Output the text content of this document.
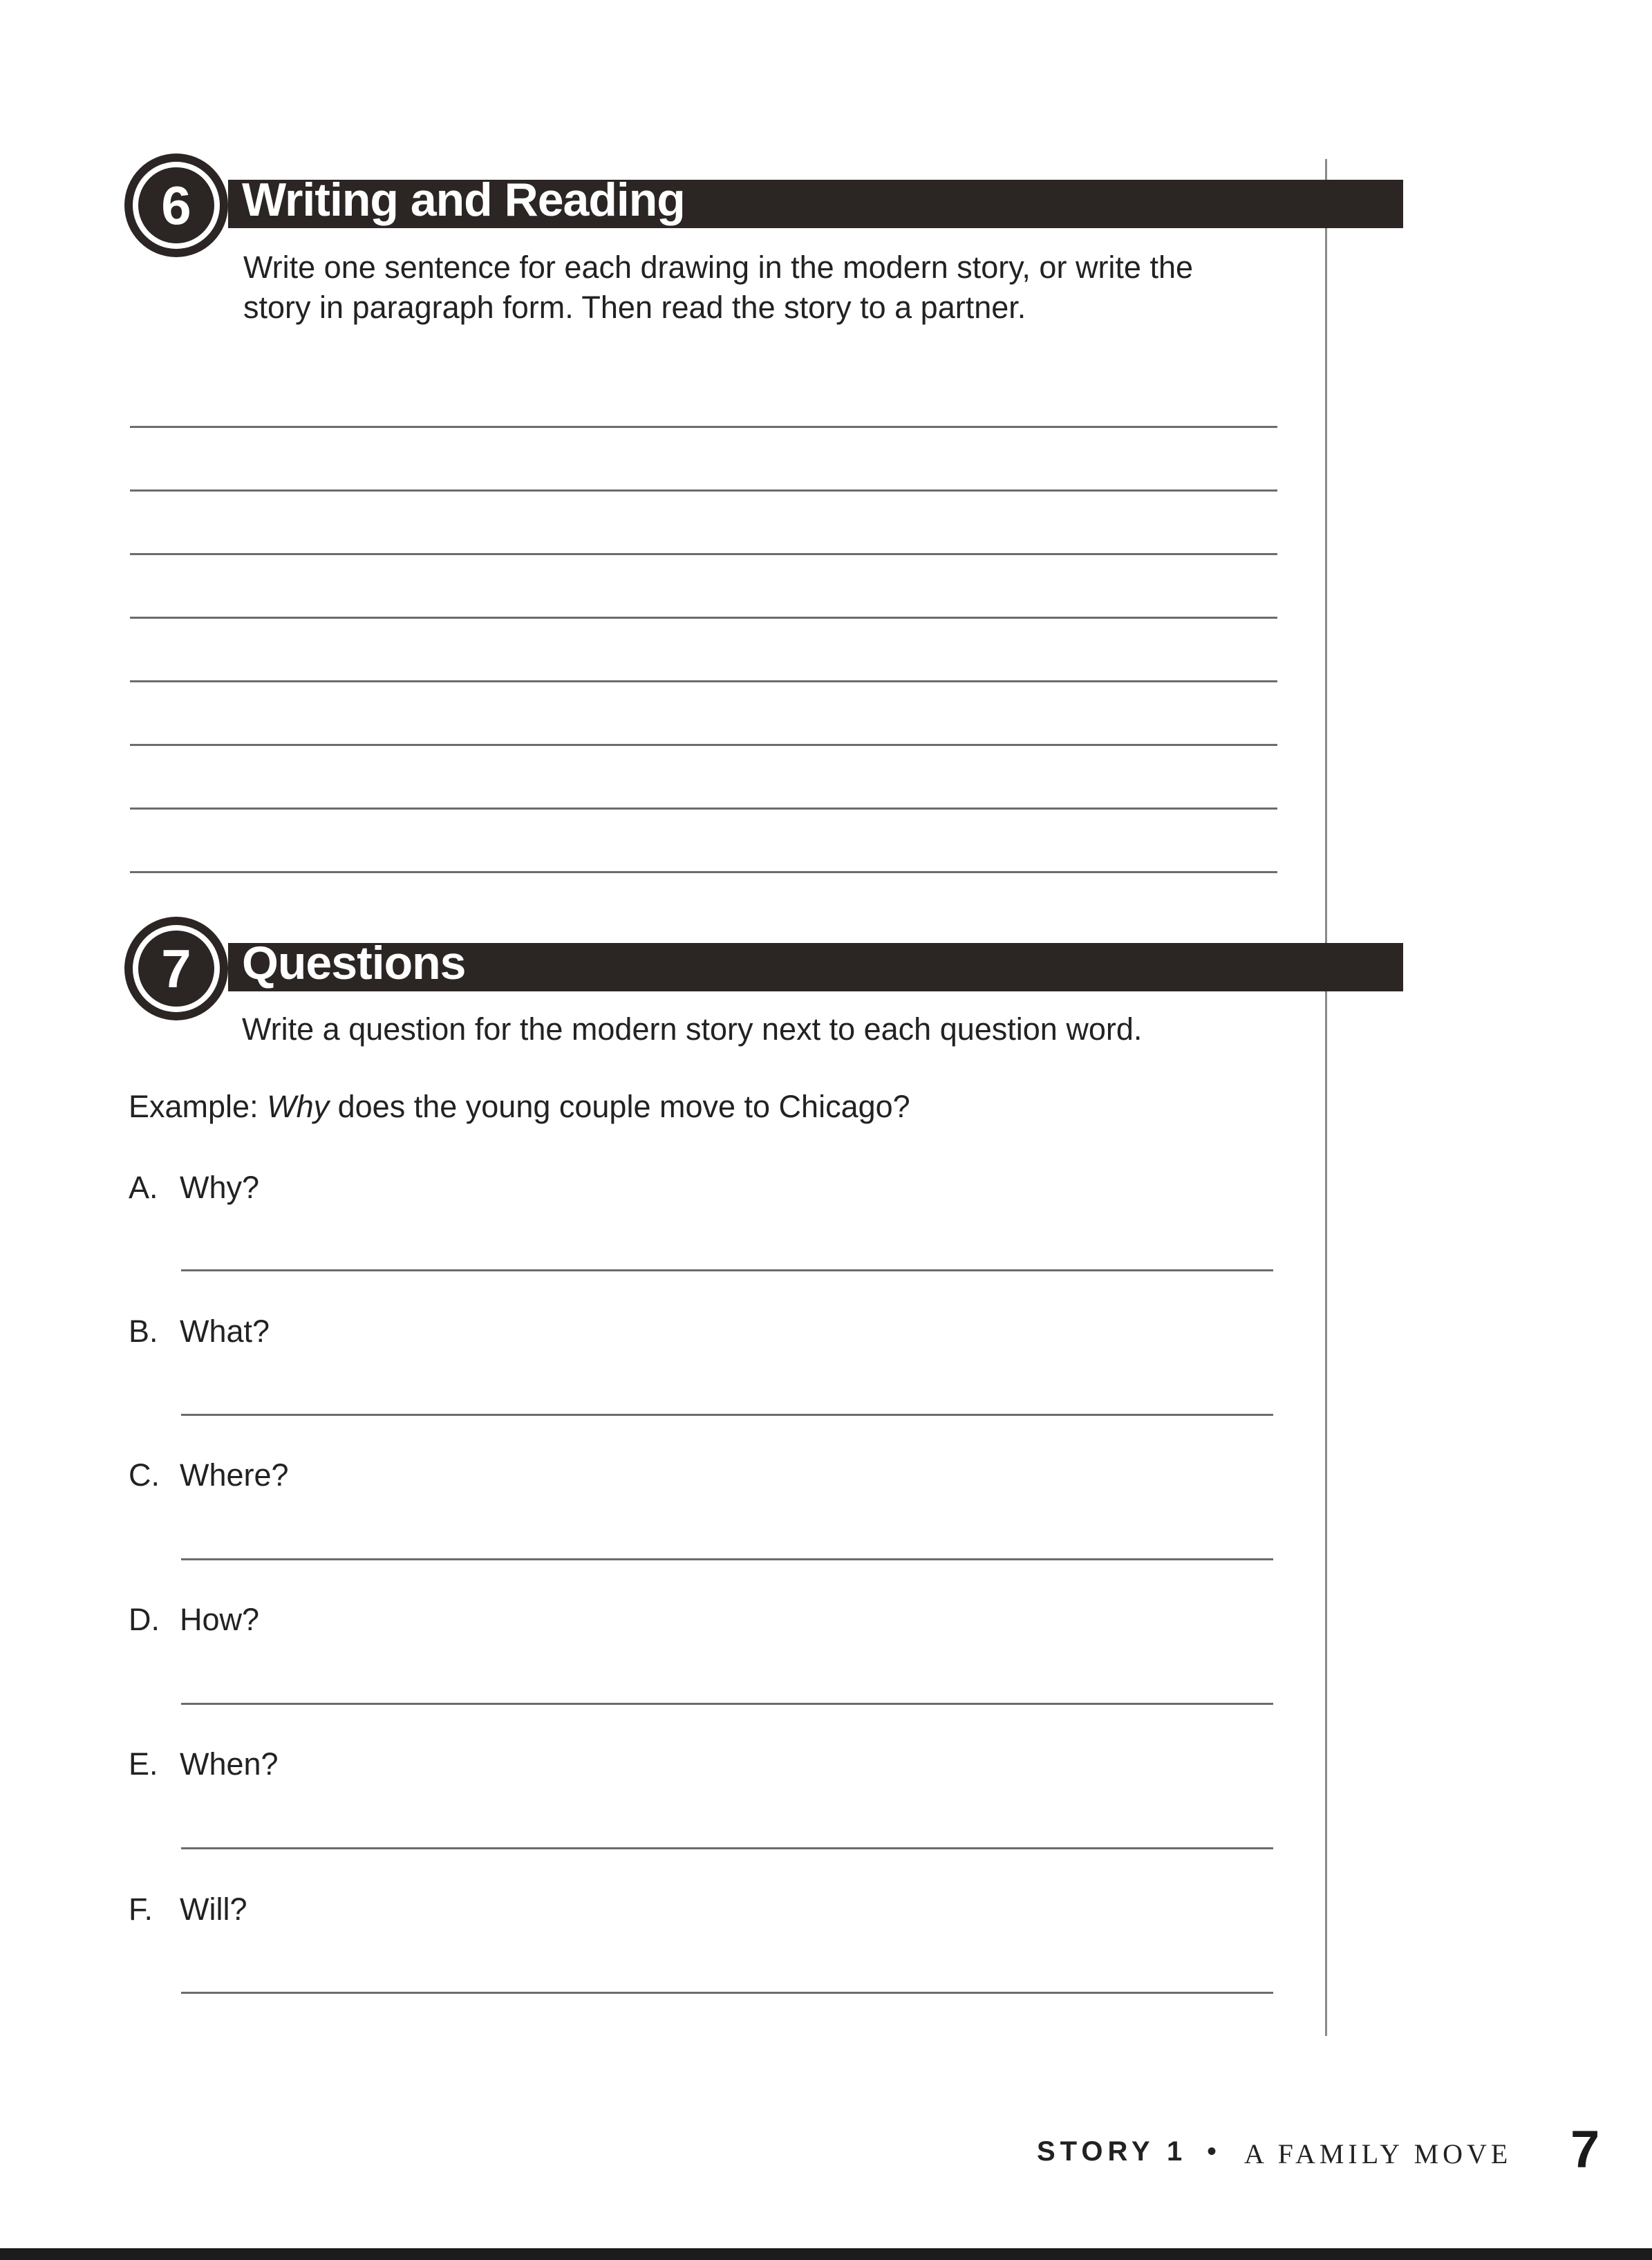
Writing and Reading
6
Write one sentence for each drawing in the modern story, or write the
story in paragraph form. Then read the story to a partner.
Questions
7
Write a question for the modern story next to each question word.
Example: Why does the young couple move to Chicago?
A. Why?
B. What?
C. Where?
D. How?
E. When?
F. Will?
STORY 1 • A FAMILY MOVE 7
